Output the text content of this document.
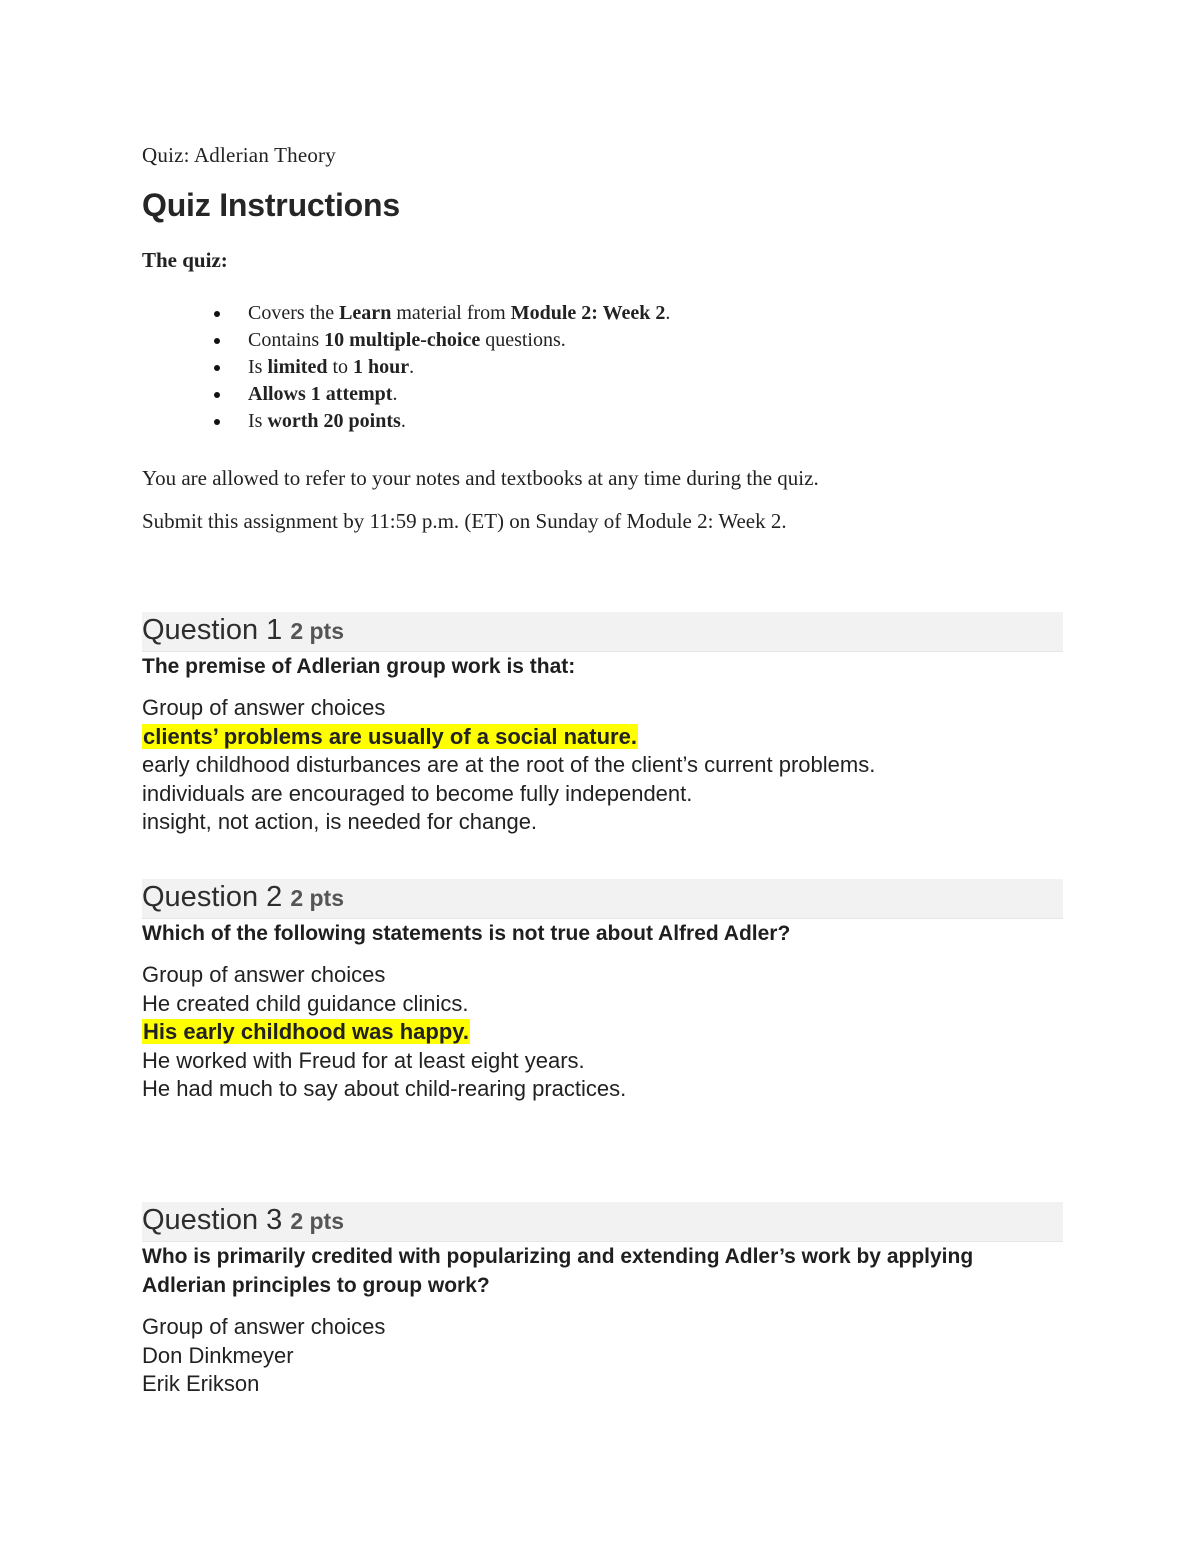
Quiz: Adlerian Theory
Quiz Instructions
The quiz:
Covers the Learn material from Module 2: Week 2.
Contains 10 multiple-choice questions.
Is limited to 1 hour.
Allows 1 attempt.
Is worth 20 points.
You are allowed to refer to your notes and textbooks at any time during the quiz.
Submit this assignment by 11:59 p.m. (ET) on Sunday of Module 2: Week 2.
Question 1 2 pts
The premise of Adlerian group work is that:
Group of answer choices
clients’ problems are usually of a social nature.
early childhood disturbances are at the root of the client’s current problems.
individuals are encouraged to become fully independent.
insight, not action, is needed for change.
Question 2 2 pts
Which of the following statements is not true about Alfred Adler?
Group of answer choices
He created child guidance clinics.
His early childhood was happy.
He worked with Freud for at least eight years.
He had much to say about child-rearing practices.
Question 3 2 pts
Who is primarily credited with popularizing and extending Adler’s work by applying Adlerian principles to group work?
Group of answer choices
Don Dinkmeyer
Erik Erikson
